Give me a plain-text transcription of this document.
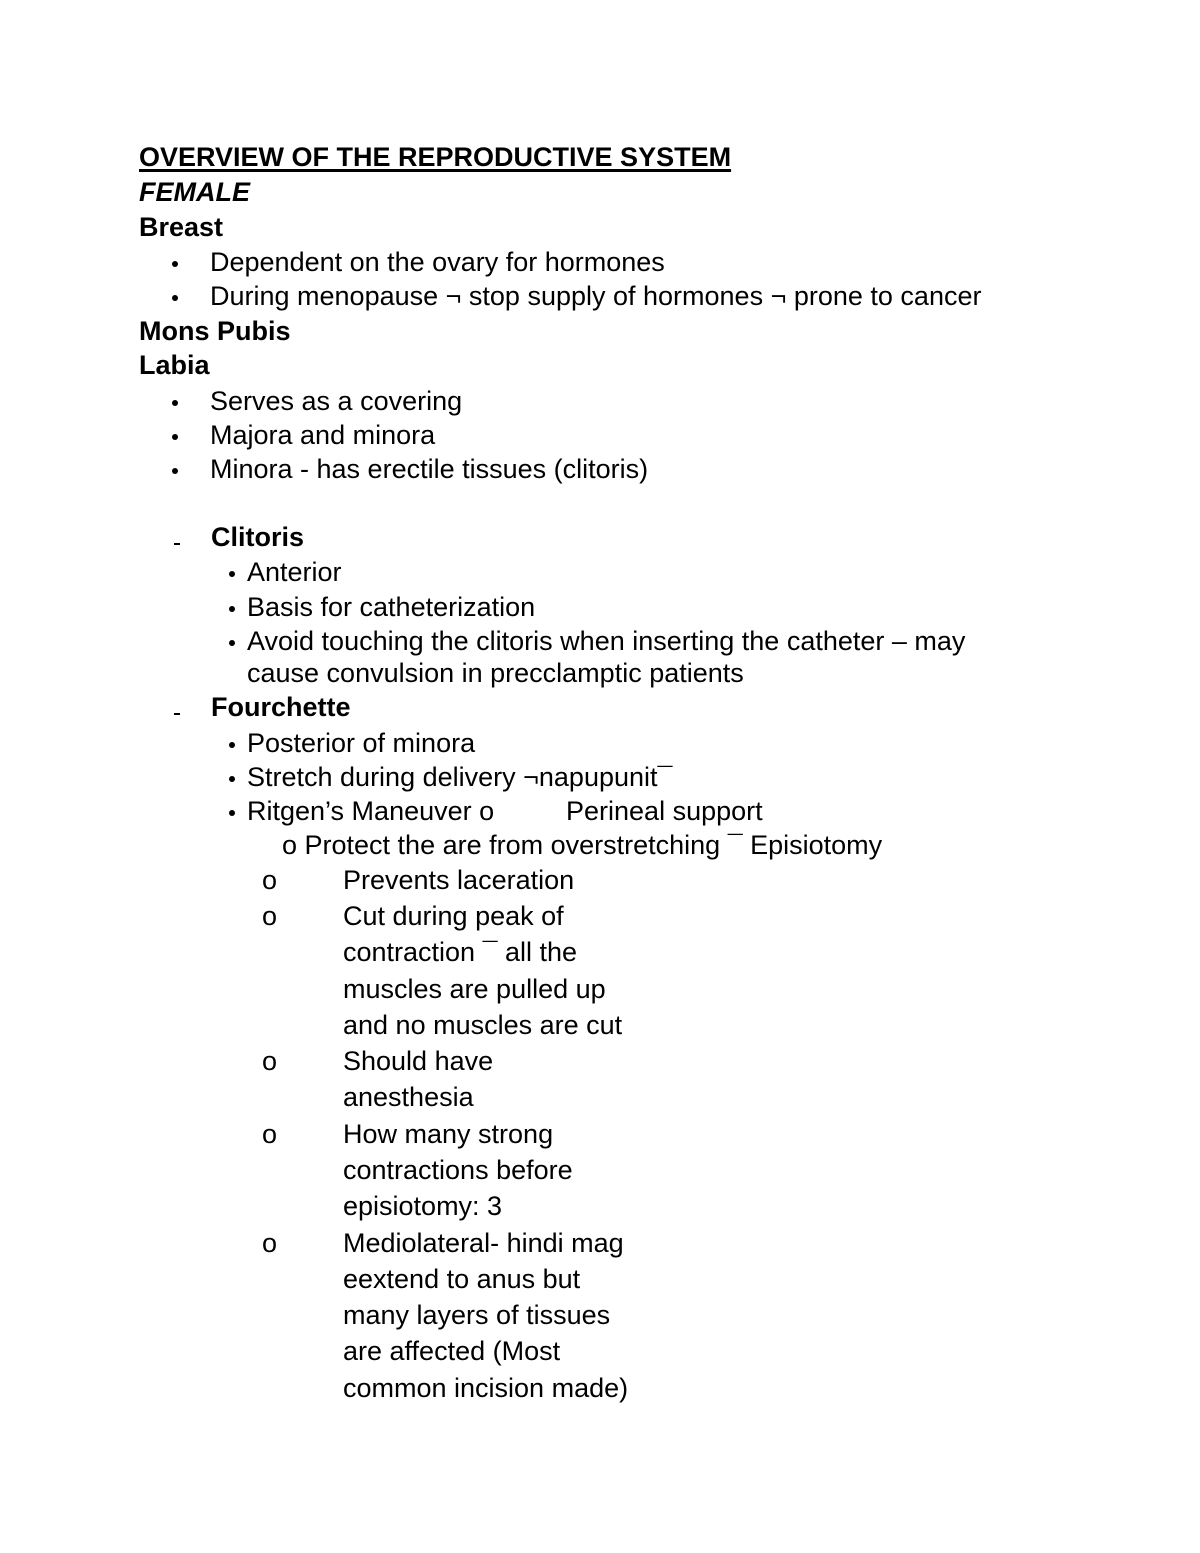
OVERVIEW OF THE REPRODUCTIVE SYSTEM
FEMALE
Breast
Dependent on the ovary for hormones
During menopause ¬ stop supply of hormones ¬ prone to cancer
Mons Pubis
Labia
Serves as a covering
Majora and minora
Minora - has erectile tissues (clitoris)
Clitoris
Anterior
Basis for catheterization
Avoid touching the clitoris when inserting the catheter – may
cause convulsion in precclamptic patients
Fourchette
Posterior of minora
Stretch during delivery ¬napupunit¯
Ritgen’s Maneuver o	Perineal support
o Protect the are from overstretching ¯ Episiotomy
o Prevents laceration
o Cut during peak of
contraction ¯ all the
muscles are pulled up
and no muscles are cut
o Should have
anesthesia
o How many strong
contractions before
episiotomy: 3
o Mediolateral- hindi mag
eextend to anus but
many layers of tissues
are affected (Most
common incision made)
